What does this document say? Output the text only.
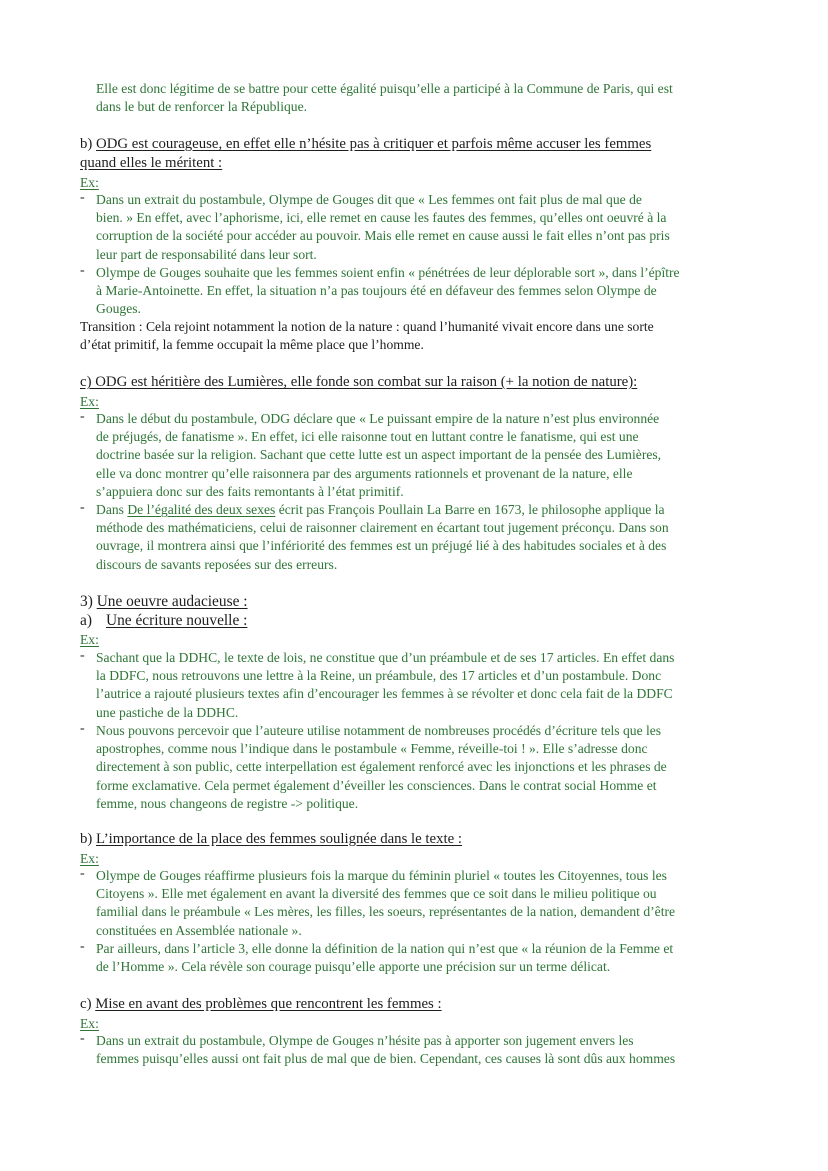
Elle est donc légitime de se battre pour cette égalité puisqu’elle a participé à la Commune de Paris, qui est
dans le but de renforcer la République.
b) ODG est courageuse, en effet elle n’hésite pas à critiquer et parfois même accuser les femmes
quand elles le méritent :
Ex:
- Dans un extrait du postambule, Olympe de Gouges dit que « Les femmes ont fait plus de mal que de
bien. » En effet, avec l’aphorisme, ici, elle remet en cause les fautes des femmes, qu’elles ont oeuvré à la
corruption de la société pour accéder au pouvoir. Mais elle remet en cause aussi le fait elles n’ont pas pris
leur part de responsabilité dans leur sort.
- Olympe de Gouges souhaite que les femmes soient enfin « pénétrées de leur déplorable sort », dans l’épître
à Marie-Antoinette. En effet, la situation n’a pas toujours été en défaveur des femmes selon Olympe de
Gouges.
Transition : Cela rejoint notamment la notion de la nature : quand l’humanité vivait encore dans une sorte
d’état primitif, la femme occupait la même place que l’homme.
c) ODG est héritière des Lumières, elle fonde son combat sur la raison (+ la notion de nature):
Ex:
- Dans le début du postambule, ODG déclare que « Le puissant empire de la nature n’est plus environnée
de préjugés, de fanatisme ». En effet, ici elle raisonne tout en luttant contre le fanatisme, qui est une
doctrine basée sur la religion. Sachant que cette lutte est un aspect important de la pensée des Lumières,
elle va donc montrer qu’elle raisonnera par des arguments rationnels et provenant de la nature, elle
s’appuiera donc sur des faits remontants à l’état primitif.
- Dans De l’égalité des deux sexes écrit pas François Poullain La Barre en 1673, le philosophe applique la
méthode des mathématiciens, celui de raisonner clairement en écartant tout jugement préconçu. Dans son
ouvrage, il montrera ainsi que l’infériorité des femmes est un préjugé lié à des habitudes sociales et à des
discours de savants reposées sur des erreurs.
3) Une oeuvre audacieuse :
a) Une écriture nouvelle :
Ex:
- Sachant que la DDHC, le texte de lois, ne constitue que d’un préambule et de ses 17 articles. En effet dans
la DDFC, nous retrouvons une lettre à la Reine, un préambule, des 17 articles et d’un postambule. Donc
l’autrice a rajouté plusieurs textes afin d’encourager les femmes à se révolter et donc cela fait de la DDFC
une pastiche de la DDHC.
- Nous pouvons percevoir que l’auteure utilise notamment de nombreuses procédés d’écriture tels que les
apostrophes, comme nous l’indique dans le postambule « Femme, réveille-toi ! ». Elle s’adresse donc
directement à son public, cette interpellation est également renforcé avec les injonctions et les phrases de
forme exclamative. Cela permet également d’éveiller les consciences. Dans le contrat social Homme et
femme, nous changeons de registre -> politique.
b) L’importance de la place des femmes soulignée dans le texte :
Ex:
- Olympe de Gouges réaffirme plusieurs fois la marque du féminin pluriel « toutes les Citoyennes, tous les
Citoyens ». Elle met également en avant la diversité des femmes que ce soit dans le milieu politique ou
familial dans le préambule « Les mères, les filles, les soeurs, représentantes de la nation, demandent d’être
constituées en Assemblée nationale ».
- Par ailleurs, dans l’article 3, elle donne la définition de la nation qui n’est que « la réunion de la Femme et
de l’Homme ». Cela révèle son courage puisqu’elle apporte une précision sur un terme délicat.
c) Mise en avant des problèmes que rencontrent les femmes :
Ex:
- Dans un extrait du postambule, Olympe de Gouges n’hésite pas à apporter son jugement envers les
femmes puisqu’elles aussi ont fait plus de mal que de bien. Cependant, ces causes là sont dûs aux hommes
